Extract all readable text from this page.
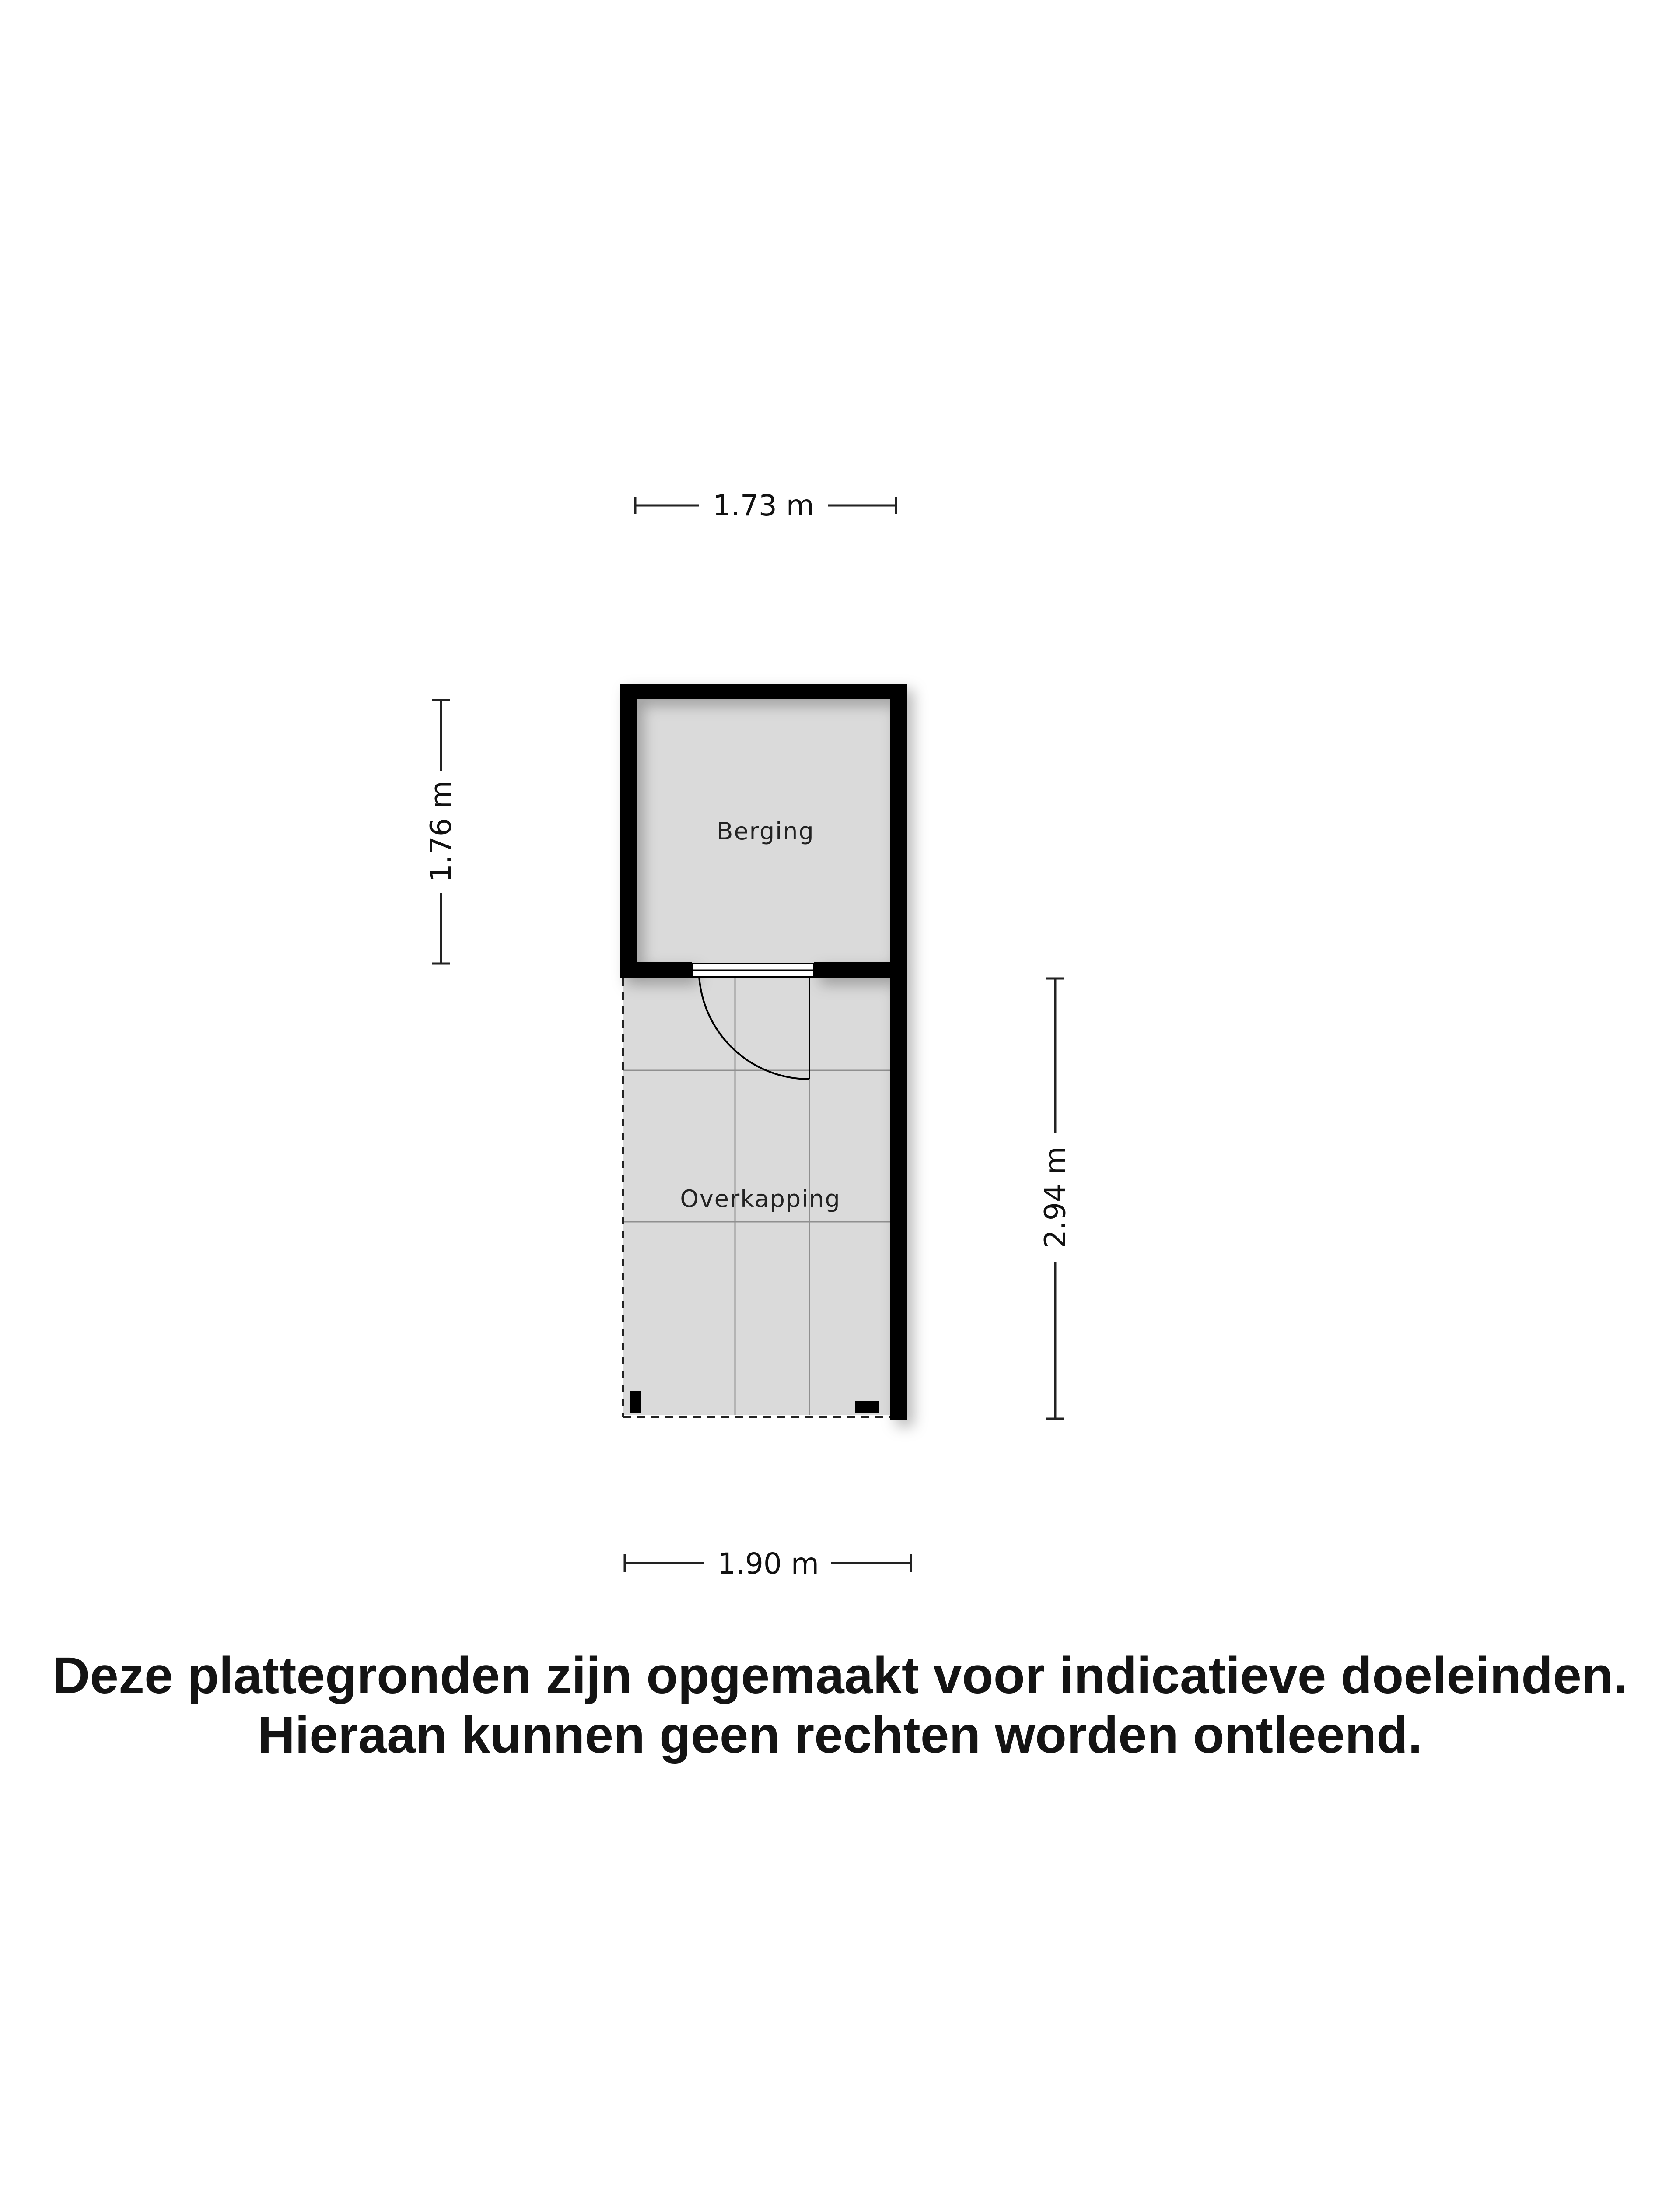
1.73 m
1.76 m
2.94 m
1.90 m
Berging
Overkapping
Deze plattegronden zijn opgemaakt voor indicatieve doeleinden.
Hieraan kunnen geen rechten worden ontleend.
